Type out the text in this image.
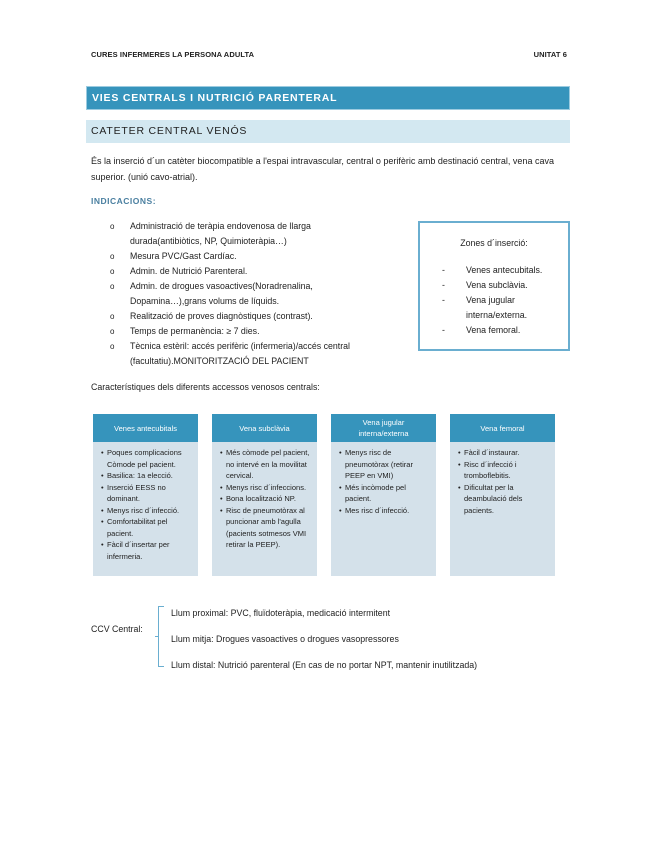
CURES INFERMERES LA PERSONA ADULTA	UNITAT 6
VIES CENTRALS I NUTRICIÓ PARENTERAL
CATETER CENTRAL VENÓS
És la inserció d´un catèter biocompatible a l'espai intravascular, central o perifèric amb destinació central, vena cava superior. (unió cavo-atrial).
INDICACIONS:
o Administració de teràpia endovenosa de llarga durada(antibiòtics, NP, Quimioteràpia…)
o Mesura PVC/Gast Cardíac.
o Admin. de Nutrició Parenteral.
o Admin. de drogues vasoactives(Noradrenalina, Dopamina…),grans volums de líquids.
o Realització de proves diagnòstiques (contrast).
o Temps de permanència: ≥ 7 dies.
o Tècnica estèril: accés perifèric (infermeria)/accés central (facultatiu).MONITORITZACIÓ DEL PACIENT
Zones d´inserció:
- Venes antecubitals.
- Vena subclàvia.
- Vena jugular interna/externa.
- Vena femoral.
Característiques dels diferents accessos venosos centrals:
Venes antecubitals
• Poques complicacions Còmode pel pacient.
• Basilica: 1a elecció.
• Inserció EESS no dominant.
• Menys risc d´infecció.
• Comfortabilitat pel pacient.
• Fàcil d´insertar per infermeria.
Vena subclàvia
• Més còmode pel pacient, no intervé en la movilitat cervical.
• Menys risc d´infeccions.
• Bona localització NP.
• Risc de pneumotòrax al puncionar amb l'agulla (pacients sotmesos VMI retirar la PEEP).
Vena jugular interna/externa
• Menys risc de pneumotòrax (retirar PEEP en VMI)
• Més incòmode pel pacient.
• Mes risc d´infecció.
Vena femoral
• Fàcil d´instaurar.
• Risc d´infecció i tromboflebitis.
• Dificultat per la deambulació dels pacients.
CCV Central:
Llum proximal: PVC, fluïdoteràpia, medicació intermitent
Llum mitja: Drogues vasoactives o drogues vasopressores
Llum distal: Nutrició parenteral (En cas de no portar NPT, mantenir inutilitzada)
